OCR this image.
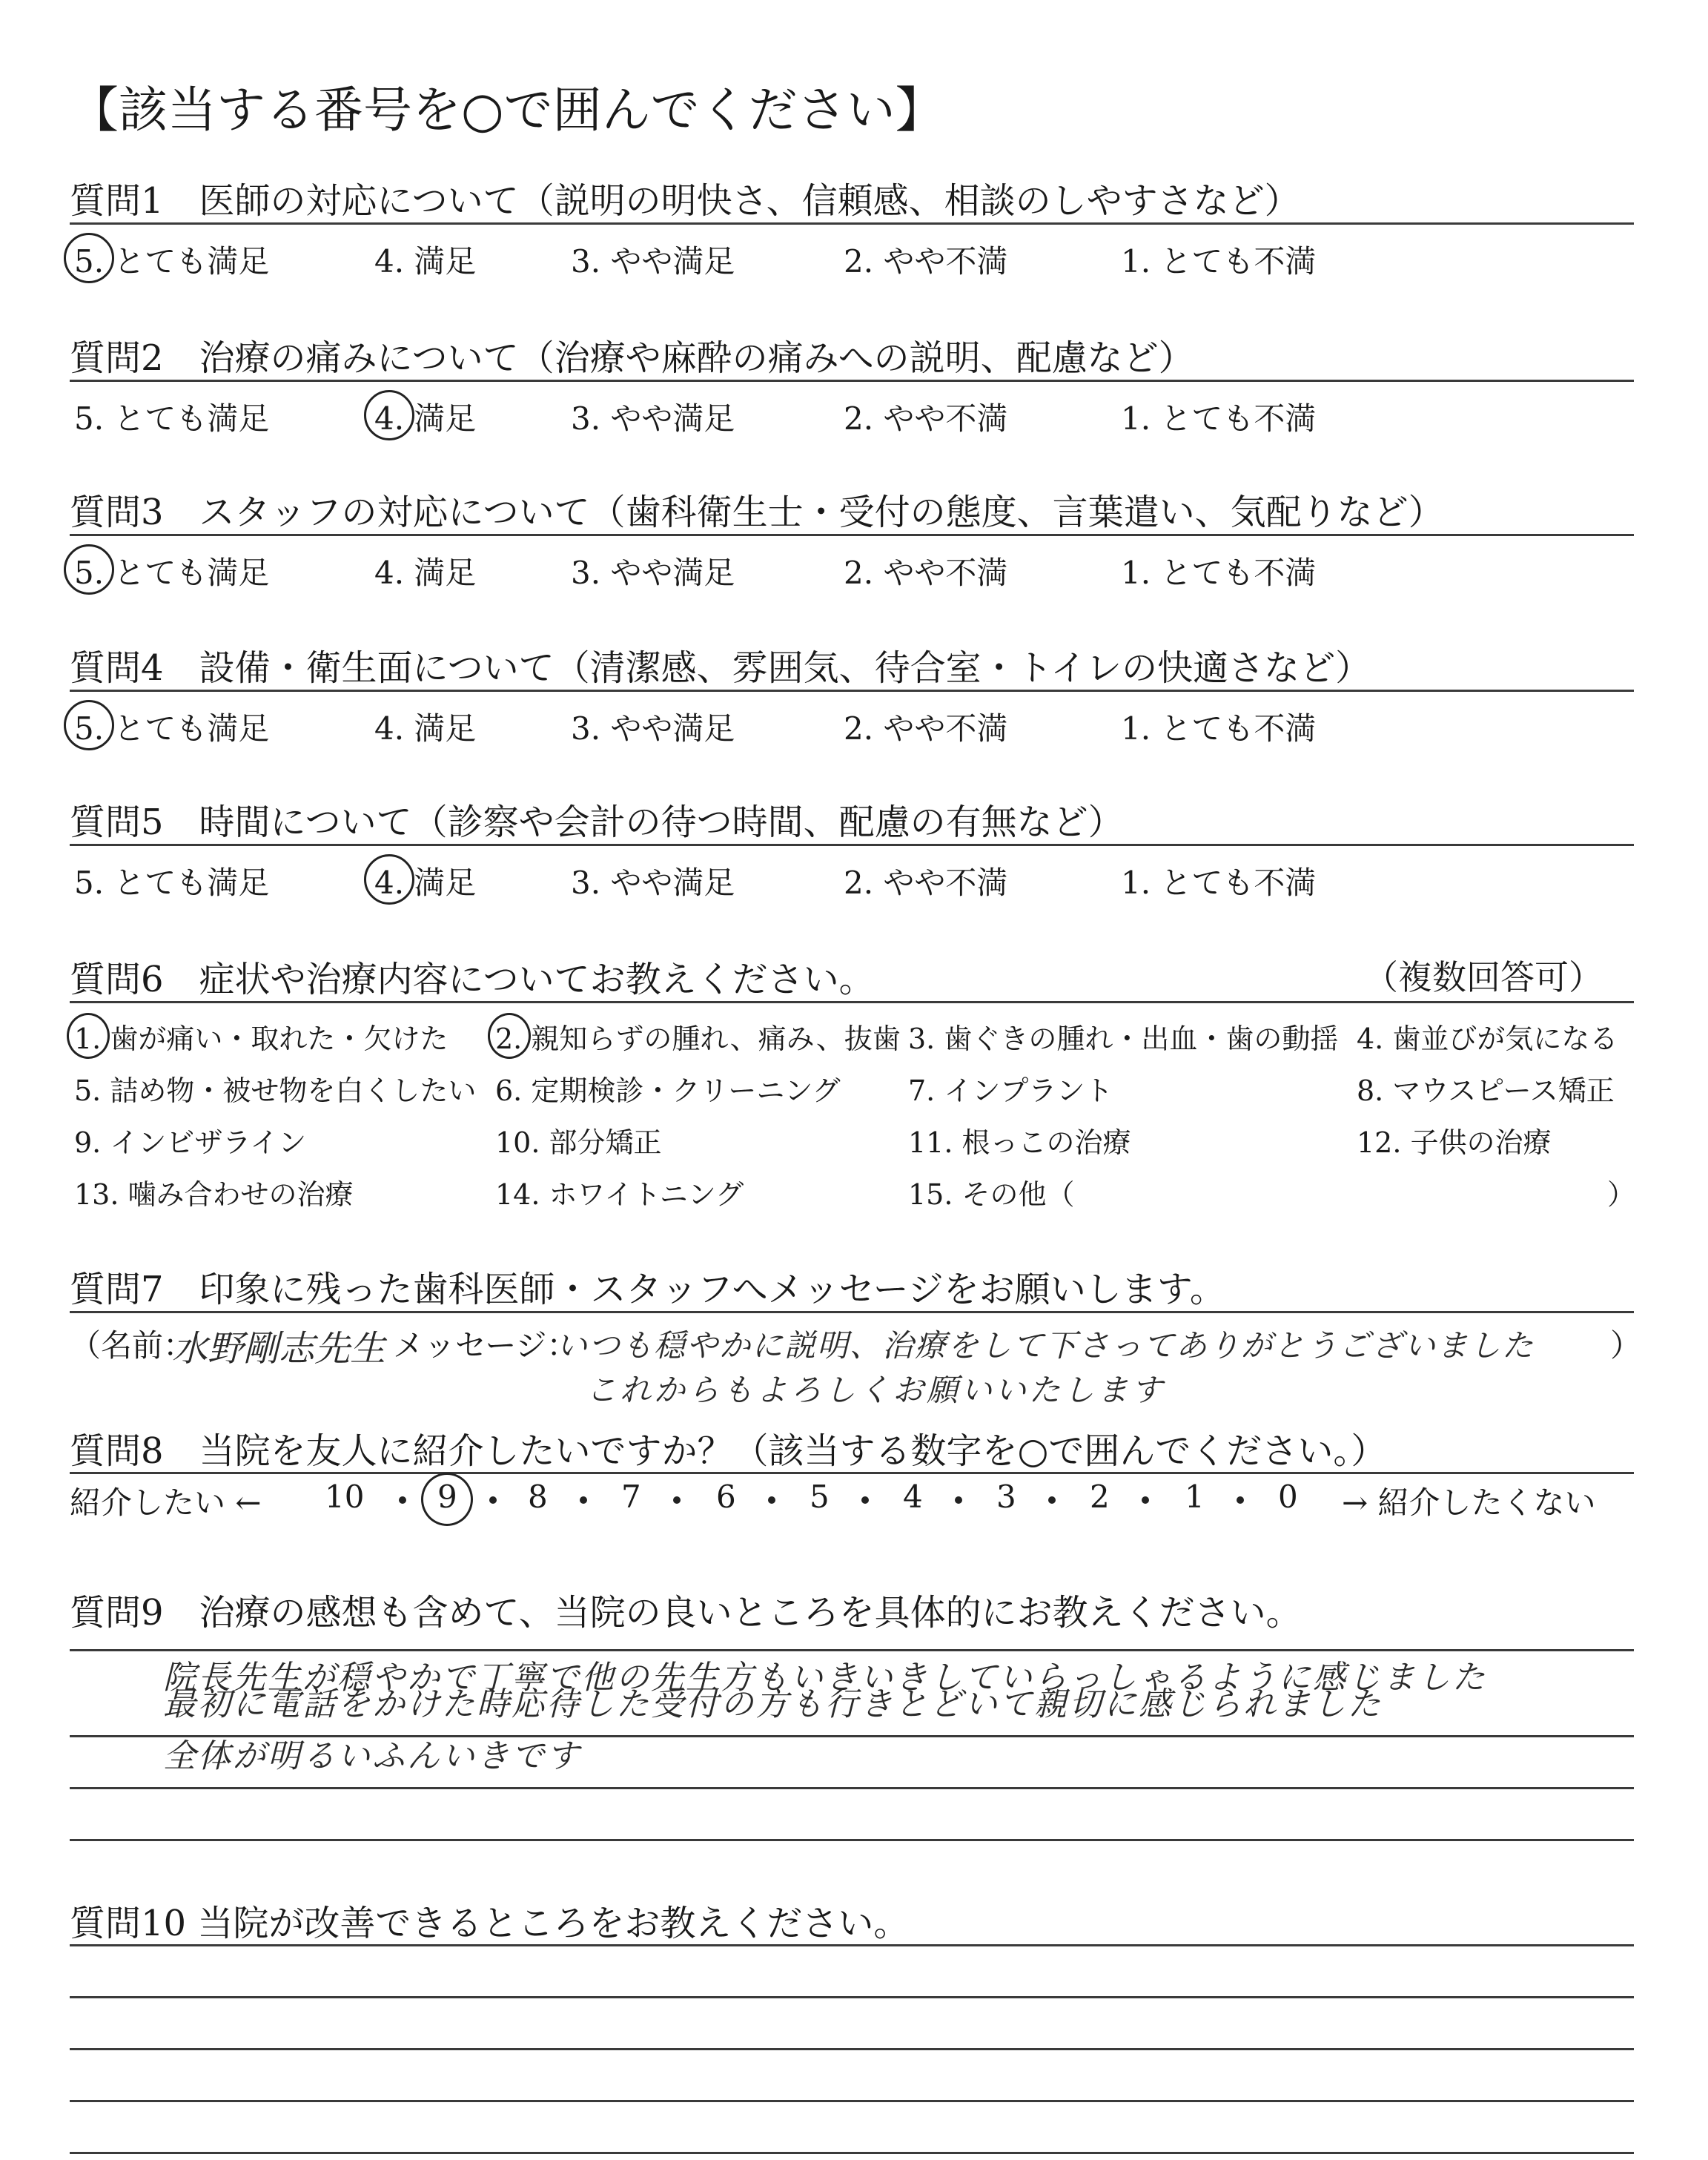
【該当する番号を○で囲んでください】
質問1　医師の対応について（説明の明快さ、信頼感、相談のしやすさなど）
5. とても満足	4. 満足	3. やや満足	2. やや不満	1. とても不満
質問2　治療の痛みについて（治療や麻酔の痛みへの説明、配慮など）
5. とても満足	4. 満足	3. やや満足	2. やや不満	1. とても不満
質問3　スタッフの対応について（歯科衛生士・受付の態度、言葉遣い、気配りなど）
5. とても満足	4. 満足	3. やや満足	2. やや不満	1. とても不満
質問4　設備・衛生面について（清潔感、雰囲気、待合室・トイレの快適さなど）
5. とても満足	4. 満足	3. やや満足	2. やや不満	1. とても不満
質問5　時間について（診察や会計の待つ時間、配慮の有無など）
5. とても満足	4. 満足	3. やや満足	2. やや不満	1. とても不満
質問6　症状や治療内容についてお教えください。	（複数回答可）
1. 歯が痛い・取れた・欠けた 2. 親知らずの腫れ、痛み、抜歯 3. 歯ぐきの腫れ・出血・歯の動揺 4. 歯並びが気になる
5. 詰め物・被せ物を白くしたい 6. 定期検診・クリーニング 7. インプラント	8. マウスピース矯正
9. インビザライン	10. 部分矯正	11. 根っこの治療	12. 子供の治療
13. 噛み合わせの治療	14. ホワイトニング	15. その他（	）
質問7　印象に残った歯科医師・スタッフへメッセージをお願いします。
（名前：
水野剛志先生 メッセージ：
いつも穏やかに説明、治療をして下さってありがとうございました
これからもよろしくお願いいたします
）
質問8　当院を友人に紹介したいですか？（該当する数字を○で囲んでください。）
紹介したい ← 10 9 8 7 6 5 4 3 2 1 0 → 紹介したくない
質問9　治療の感想も含めて、当院の良いところを具体的にお教えください。
院長先生が穏やかで丁寧で他の先生方もいきいきしていらっしゃるように感じました
最初に電話をかけた時応待した受付の方も行きとどいて親切に感じられました
全体が明るいふんいきです
質問10 当院が改善できるところをお教えください。
